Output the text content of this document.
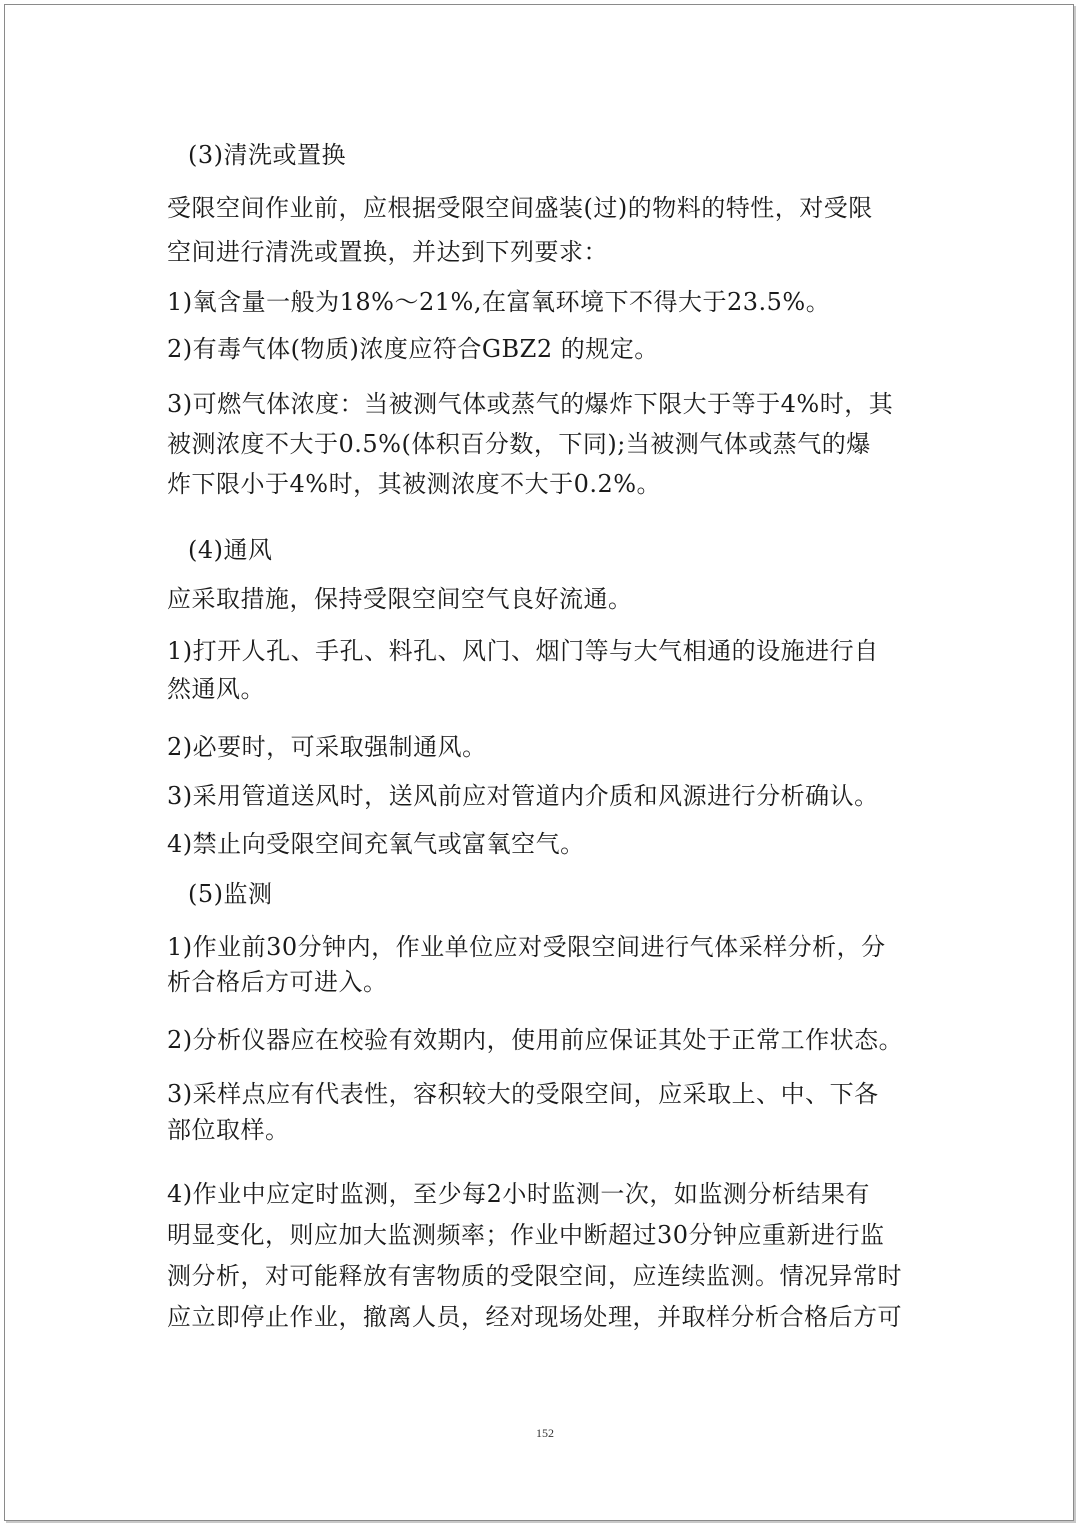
(3)清洗或置换
受限空间作业前，应根据受限空间盛装(过)的物料的特性，对受限
空间进行清洗或置换，并达到下列要求：
1)氧含量一般为18%～21%,在富氧环境下不得大于23.5%。
2)有毒气体(物质)浓度应符合GBZ2 的规定。
3)可燃气体浓度：当被测气体或蒸气的爆炸下限大于等于4%时，其
被测浓度不大于0.5%(体积百分数，下同);当被测气体或蒸气的爆
炸下限小于4%时，其被测浓度不大于0.2%。
(4)通风
应采取措施，保持受限空间空气良好流通。
1)打开人孔、手孔、料孔、风门、烟门等与大气相通的设施进行自
然通风。
2)必要时，可采取强制通风。
3)采用管道送风时，送风前应对管道内介质和风源进行分析确认。
4)禁止向受限空间充氧气或富氧空气。
(5)监测
1)作业前30分钟内，作业单位应对受限空间进行气体采样分析，分
析合格后方可进入。
2)分析仪器应在校验有效期内，使用前应保证其处于正常工作状态。
3)采样点应有代表性，容积较大的受限空间，应采取上、中、下各
部位取样。
4)作业中应定时监测，至少每2小时监测一次，如监测分析结果有
明显变化，则应加大监测频率；作业中断超过30分钟应重新进行监
测分析，对可能释放有害物质的受限空间，应连续监测。情况异常时
应立即停止作业，撤离人员，经对现场处理，并取样分析合格后方可
152
